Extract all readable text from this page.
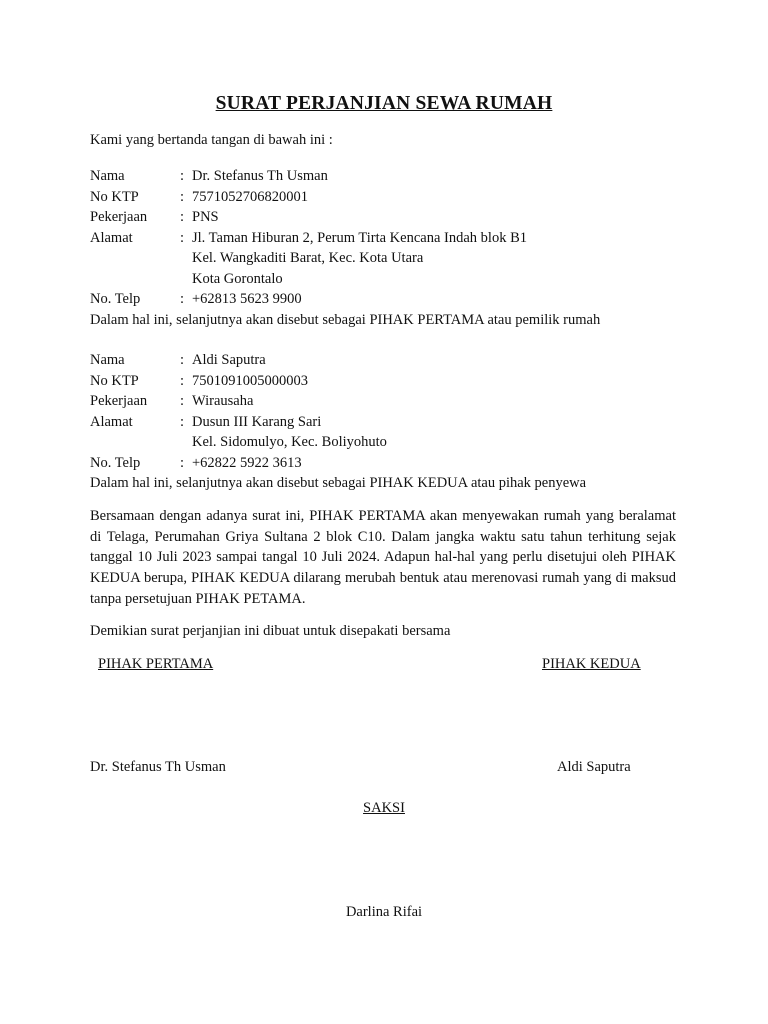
SURAT PERJANJIAN SEWA RUMAH
Kami yang bertanda tangan di bawah ini :
Nama	: Dr. Stefanus Th Usman
No KTP	: 7571052706820001
Pekerjaan	: PNS
Alamat	: Jl. Taman Hiburan 2, Perum Tirta Kencana Indah blok B1
Kel. Wangkaditi Barat, Kec. Kota Utara
Kota Gorontalo
No. Telp	: +62813 5623 9900
Dalam hal ini, selanjutnya akan disebut sebagai PIHAK PERTAMA atau pemilik rumah
Nama	: Aldi Saputra
No KTP	: 7501091005000003
Pekerjaan	: Wirausaha
Alamat	: Dusun III Karang Sari
Kel. Sidomulyo, Kec. Boliyohuto
No. Telp	: +62822 5922 3613
Dalam hal ini, selanjutnya akan disebut sebagai PIHAK KEDUA atau pihak penyewa
Bersamaan dengan adanya surat ini, PIHAK PERTAMA akan menyewakan rumah yang beralamat di Telaga, Perumahan Griya Sultana 2 blok C10. Dalam jangka waktu satu tahun terhitung sejak tanggal 10 Juli 2023 sampai tangal 10 Juli 2024. Adapun hal-hal yang perlu disetujui oleh PIHAK KEDUA berupa, PIHAK KEDUA dilarang merubah bentuk atau merenovasi rumah yang di maksud tanpa persetujuan PIHAK PETAMA.
Demikian surat perjanjian ini dibuat untuk disepakati bersama
PIHAK PERTAMA	PIHAK KEDUA
Dr. Stefanus Th Usman	Aldi Saputra
SAKSI
Darlina Rifai
